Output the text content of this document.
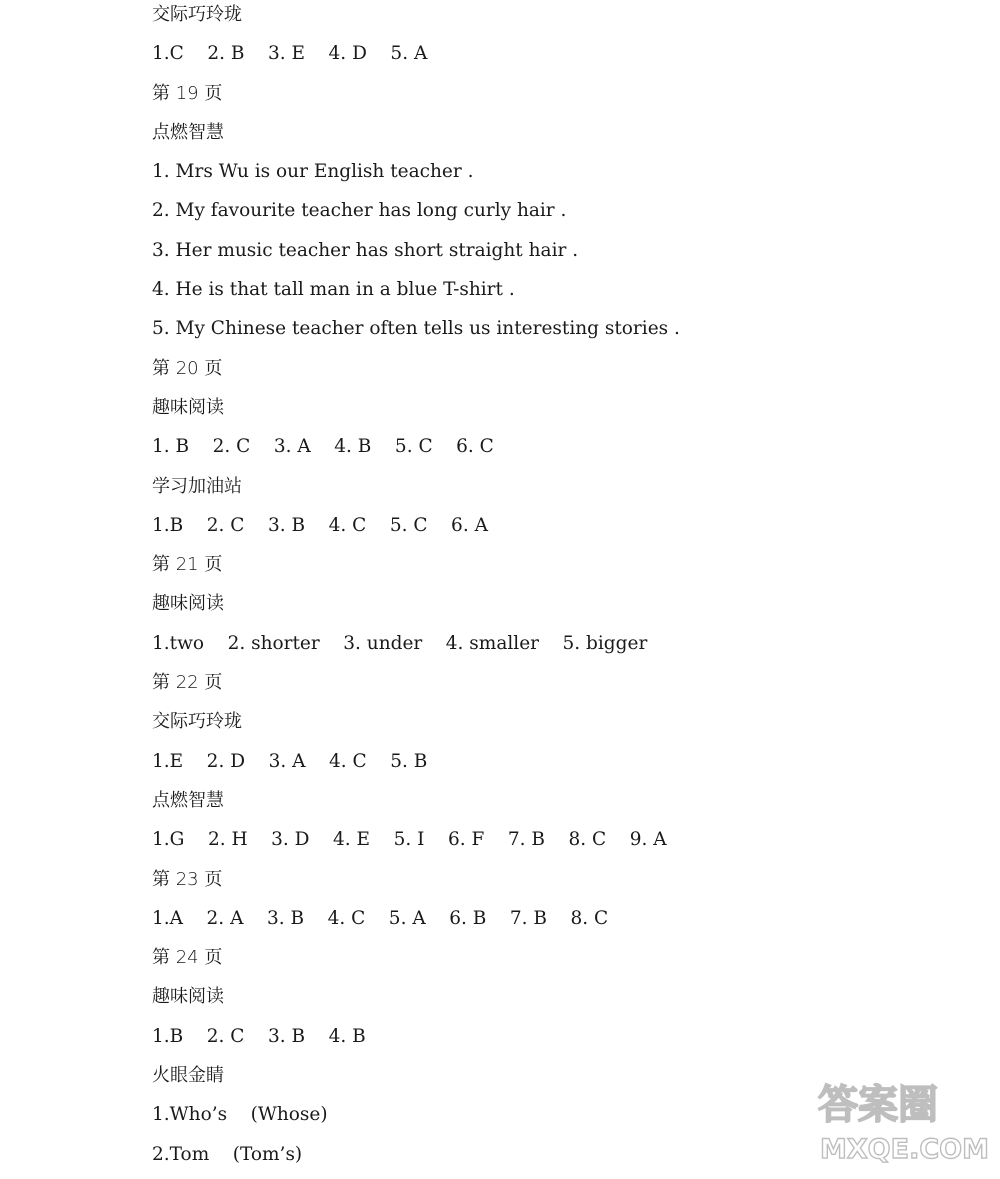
交际巧玲珑
1.C    2. B    3. E    4. D    5. A
第 19 页
点燃智慧
1. Mrs Wu is our English teacher .
2. My favourite teacher has long curly hair .
3. Her music teacher has short straight hair .
4. He is that tall man in a blue T-shirt .
5. My Chinese teacher often tells us interesting stories .
第 20 页
趣味阅读
1. B    2. C    3. A    4. B    5. C    6. C
学习加油站
1.B    2. C    3. B    4. C    5. C    6. A
第 21 页
趣味阅读
1.two    2. shorter    3. under    4. smaller    5. bigger
第 22 页
交际巧玲珑
1.E    2. D    3. A    4. C    5. B
点燃智慧
1.G    2. H    3. D    4. E    5. I    6. F    7. B    8. C    9. A
第 23 页
1.A    2. A    3. B    4. C    5. A    6. B    7. B    8. C
第 24 页
趣味阅读
1.B    2. C    3. B    4. B
火眼金睛
1.Who’s    (Whose)
2.Tom    (Tom’s)
答案圈
MXQE.COM
